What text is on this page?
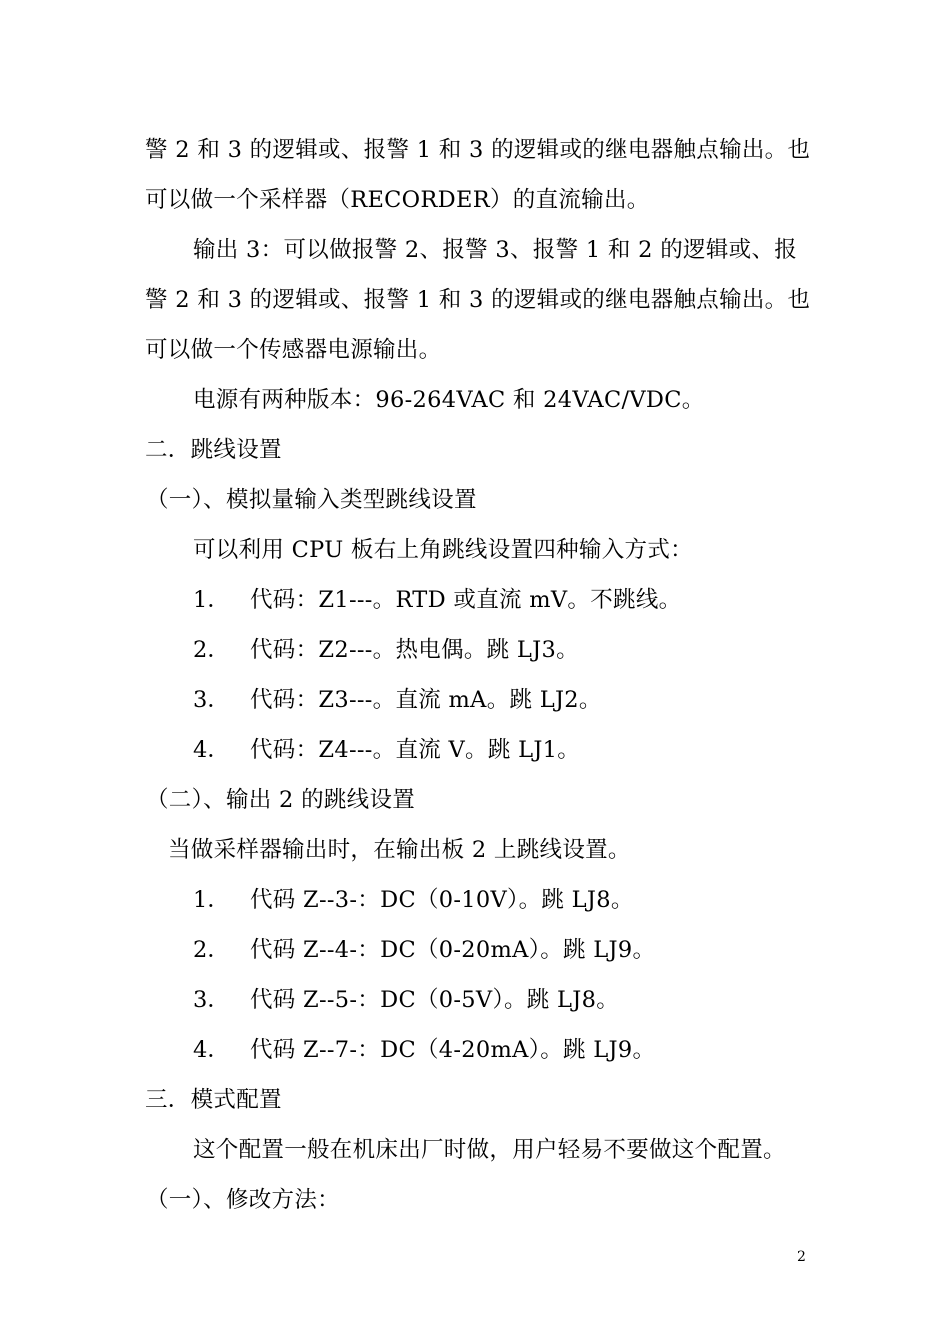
警 2 和 3 的逻辑或、报警 1 和 3 的逻辑或的继电器触点输出。也
可以做一个采样器（RECORDER）的直流输出。
输出 3：可以做报警 2、报警 3、报警 1 和 2 的逻辑或、报
警 2 和 3 的逻辑或、报警 1 和 3 的逻辑或的继电器触点输出。也
可以做一个传感器电源输出。
电源有两种版本：96-264VAC 和 24VAC/VDC。
二．跳线设置
（一）、模拟量输入类型跳线设置
可以利用 CPU 板右上角跳线设置四种输入方式：
1． 代码：Z1---。RTD 或直流 mV。不跳线。
2． 代码：Z2---。热电偶。跳 LJ3。
3． 代码：Z3---。直流 mA。跳 LJ2。
4． 代码：Z4---。直流 V。跳 LJ1。
（二）、输出 2 的跳线设置
当做采样器输出时，在输出板 2 上跳线设置。
1． 代码 Z--3-：DC（0-10V）。跳 LJ8。
2． 代码 Z--4-：DC（0-20mA）。跳 LJ9。
3． 代码 Z--5-：DC（0-5V）。跳 LJ8。
4． 代码 Z--7-：DC（4-20mA）。跳 LJ9。
三．模式配置
这个配置一般在机床出厂时做，用户轻易不要做这个配置。
（一）、修改方法：
2
